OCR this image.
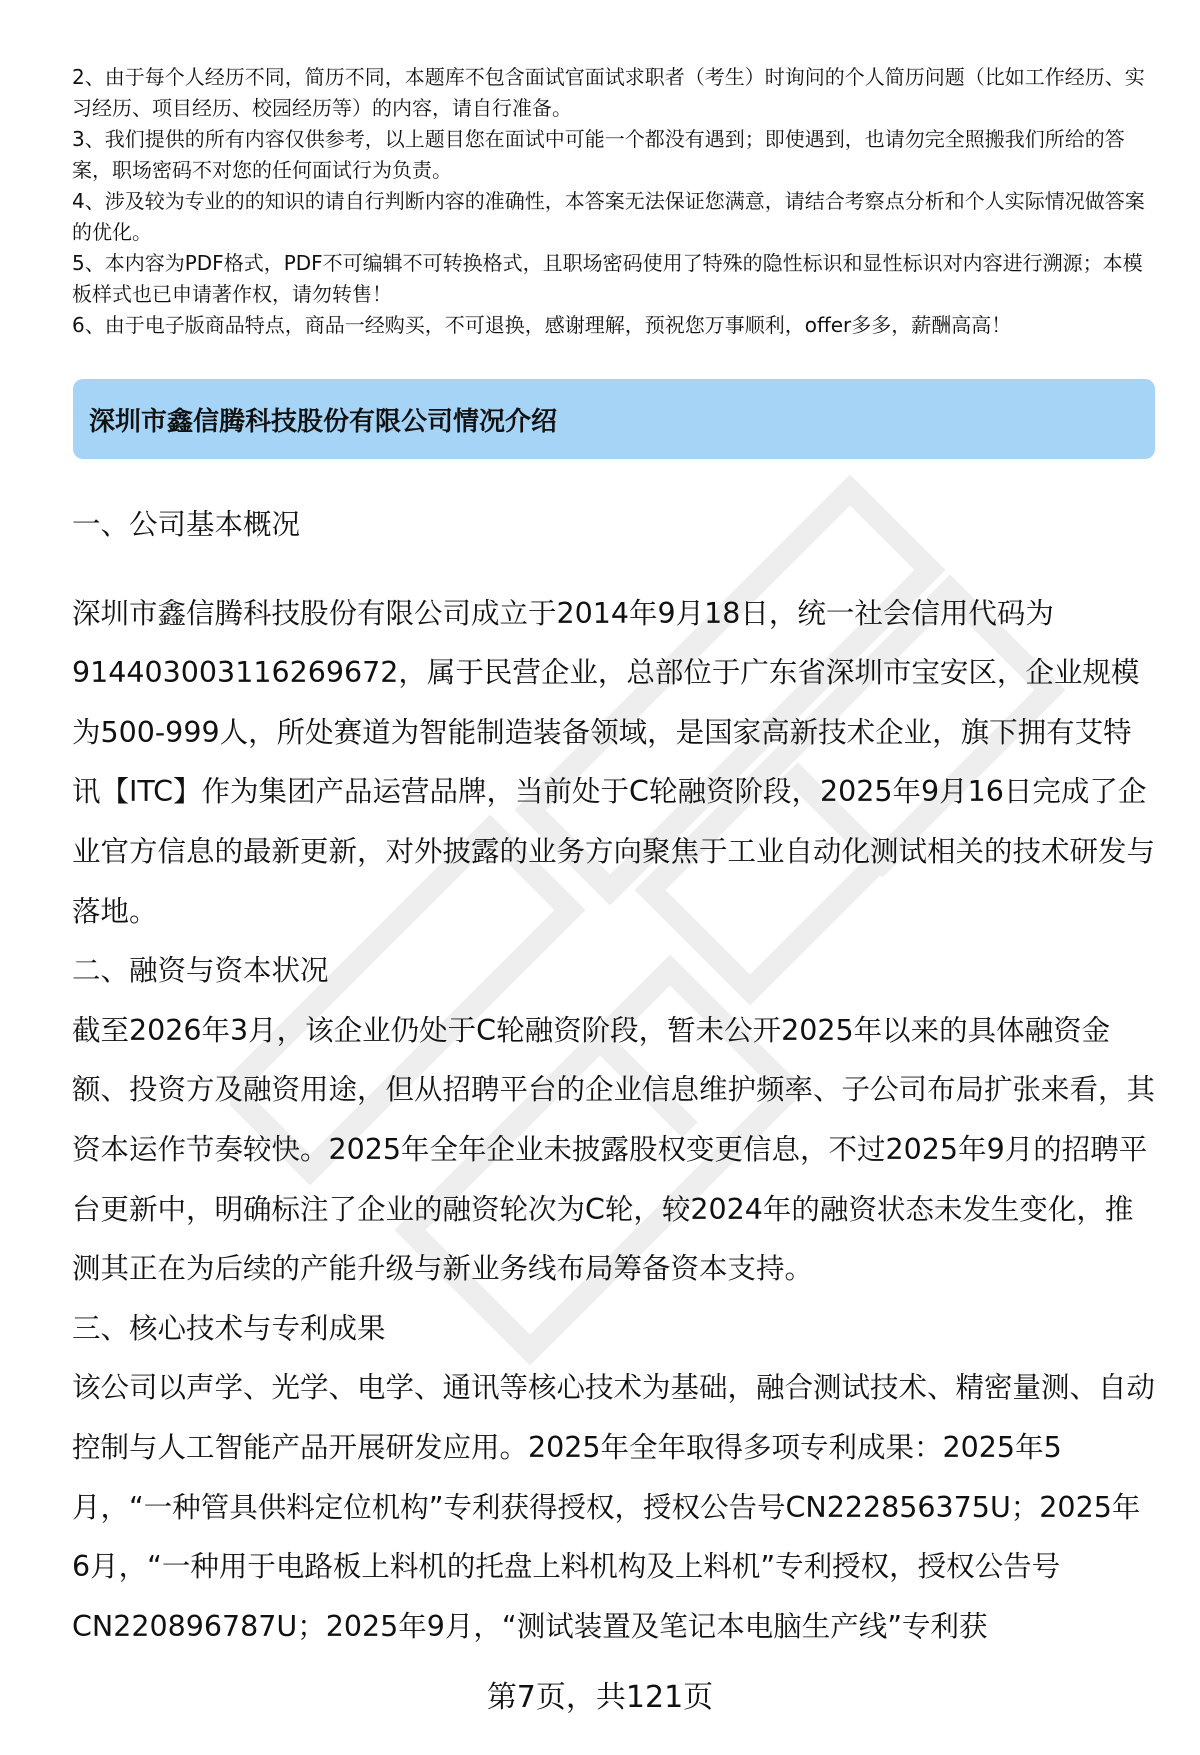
2、由于每个人经历不同，简历不同，本题库不包含面试官面试求职者（考生）时询问的个人简历问题（比如工作经历、实习经历、项目经历、校园经历等）的内容，请自行准备。

3、我们提供的所有内容仅供参考，以上题目您在面试中可能一个都没有遇到；即使遇到，也请勿完全照搬我们所给的答案，职场密码不对您的任何面试行为负责。

4、涉及较为专业的的知识的请自行判断内容的准确性，本答案无法保证您满意，请结合考察点分析和个人实际情况做答案的优化。

5、本内容为PDF格式，PDF不可编辑不可转换格式，且职场密码使用了特殊的隐性标识和显性标识对内容进行溯源；本模板样式也已申请著作权，请勿转售！

6、由于电子版商品特点，商品一经购买，不可退换，感谢理解，预祝您万事顺利，offer多多，薪酬高高！

深圳市鑫信腾科技股份有限公司情况介绍

一、公司基本概况

深圳市鑫信腾科技股份有限公司成立于2014年9月18日，统一社会信用代码为914403003116269672，属于民营企业，总部位于广东省深圳市宝安区，企业规模为500-999人，所处赛道为智能制造装备领域，是国家高新技术企业，旗下拥有艾特讯【ITC】作为集团产品运营品牌，当前处于C轮融资阶段，2025年9月16日完成了企业官方信息的最新更新，对外披露的业务方向聚焦于工业自动化测试相关的技术研发与落地。

二、融资与资本状况

截至2026年3月，该企业仍处于C轮融资阶段，暂未公开2025年以来的具体融资金额、投资方及融资用途，但从招聘平台的企业信息维护频率、子公司布局扩张来看，其资本运作节奏较快。2025年全年企业未披露股权变更信息，不过2025年9月的招聘平台更新中，明确标注了企业的融资轮次为C轮，较2024年的融资状态未发生变化，推测其正在为后续的产能升级与新业务线布局筹备资本支持。

三、核心技术与专利成果

该公司以声学、光学、电学、通讯等核心技术为基础，融合测试技术、精密量测、自动控制与人工智能产品开展研发应用。2025年全年取得多项专利成果：2025年5月，“一种管具供料定位机构”专利获得授权，授权公告号CN222856375U；2025年6月，“一种用于电路板上料机的托盘上料机构及上料机”专利授权，授权公告号CN220896787U；2025年9月，“测试装置及笔记本电脑生产线”专利获

第7页，共121页
